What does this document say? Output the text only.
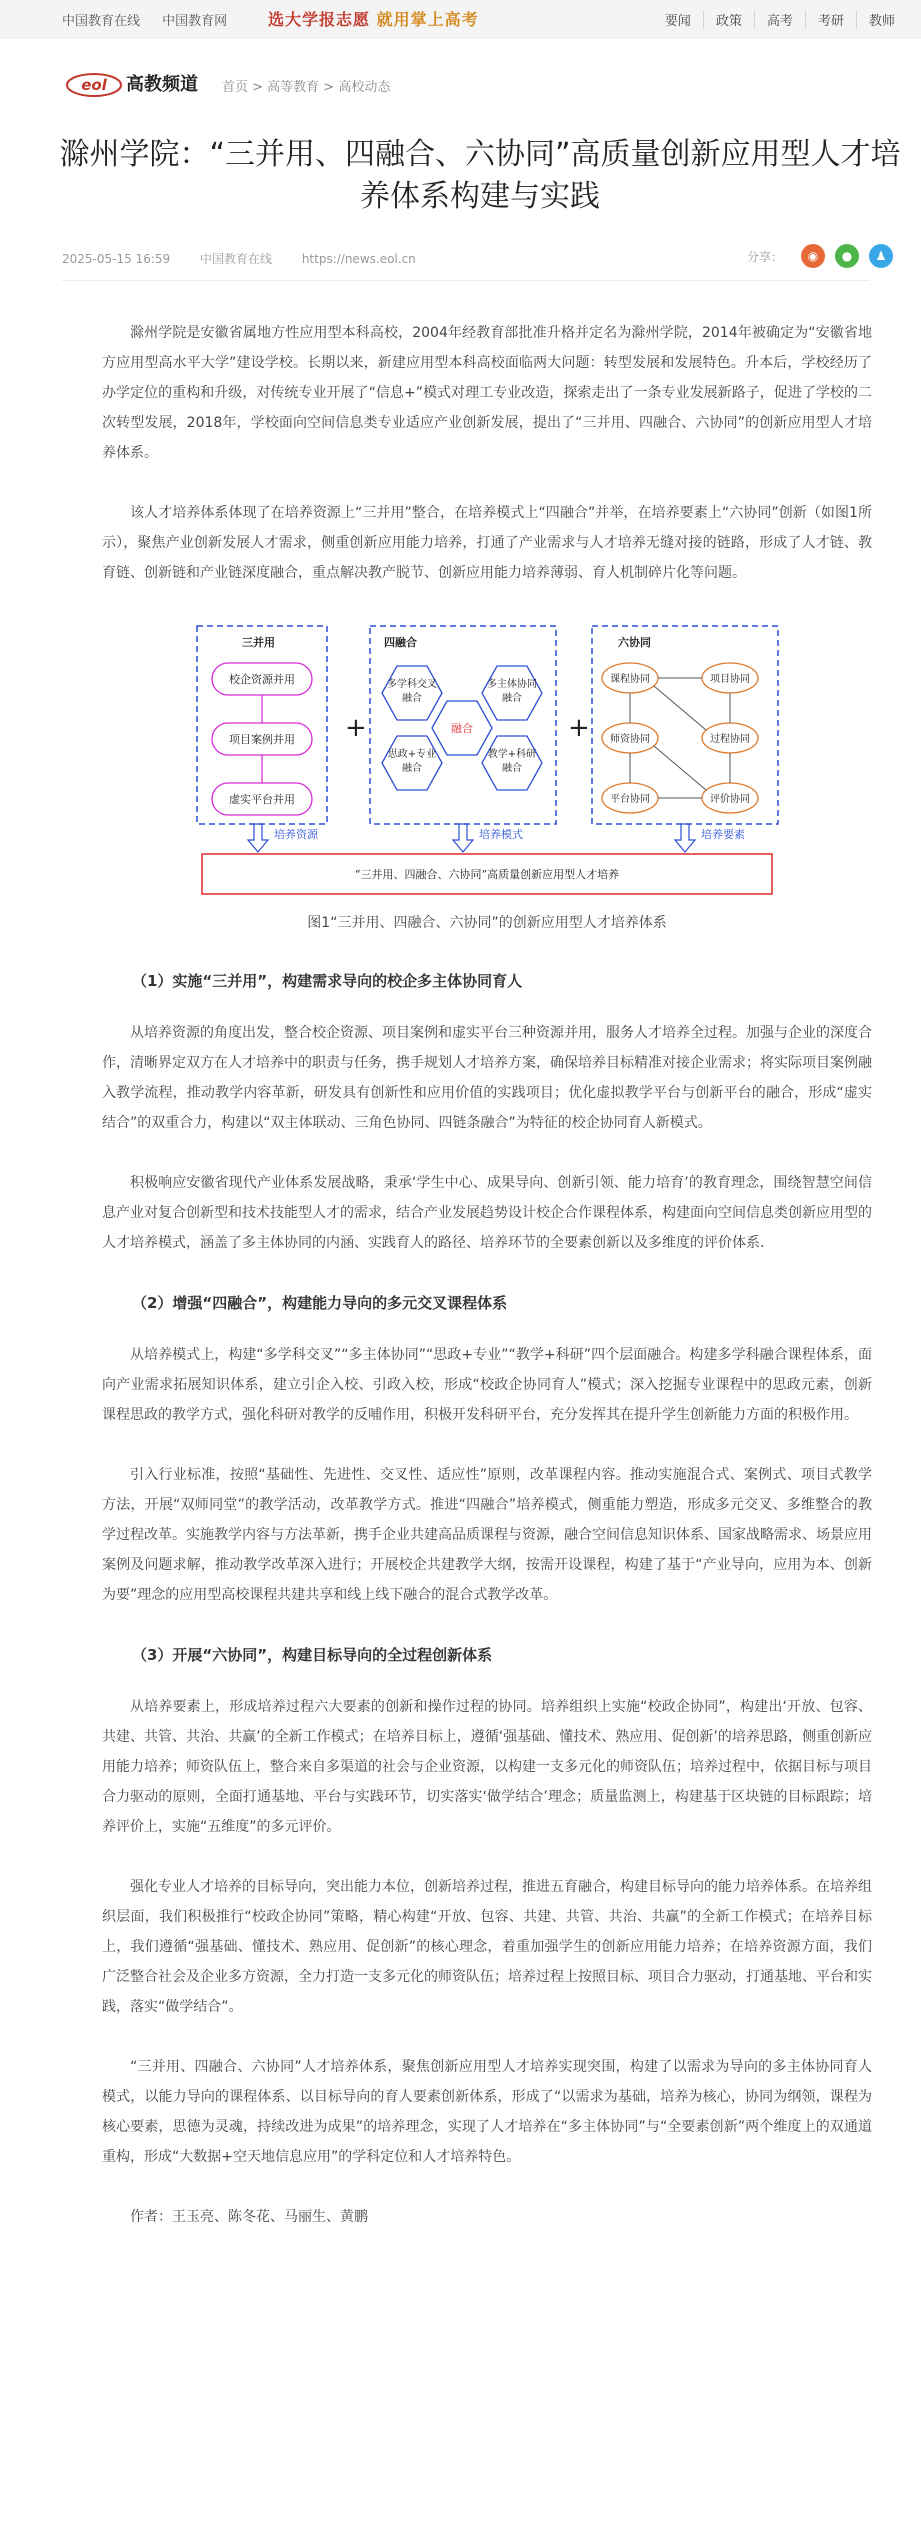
中国教育在线 中国教育网	选大学报志愿 就用掌上高考	要闻	政策	高考	考研	教师
eol 高教频道 首页 > 高等教育 > 高校动态
滁州学院：“三并用、四融合、六协同”高质量创新应用型人才培养体系构建与实践
2025-05-15 16:59 中国教育在线 https://news.eol.cn	分享：	◉	●	♟

滁州学院是安徽省属地方性应用型本科高校，2004年经教育部批准升格并定名为滁州学院，2014年被确定为“安徽省地方应用型高水平大学”建设学校。长期以来，新建应用型本科高校面临两大问题：转型发展和发展特色。升本后，学校经历了办学定位的重构和升级，对传统专业开展了“信息+”模式对理工专业改造，探索走出了一条专业发展新路子，促进了学校的二次转型发展，2018年，学校面向空间信息类专业适应产业创新发展，提出了“三并用、四融合、六协同”的创新应用型人才培养体系。

该人才培养体系体现了在培养资源上“三并用”整合，在培养模式上“四融合”并举，在培养要素上“六协同”创新（如图1所示），聚焦产业创新发展人才需求，侧重创新应用能力培养，打通了产业需求与人才培养无缝对接的链路，形成了人才链、教育链、创新链和产业链深度融合，重点解决教产脱节、创新应用能力培养薄弱、育人机制碎片化等问题。

三并用
校企资源并用
项目案例并用
虚实平台并用
+
四融合
多学科交叉融合
多主体协同融合
思政+专业融合
教学+科研融合
融合	+
六协同
课程协同	项目协同
师资协同	过程协同
平台协同	评价协同
培养资源	培养模式	培养要素
“三并用、四融合、六协同”高质量创新应用型人才培养

图1“三并用、四融合、六协同”的创新应用型人才培养体系

（1）实施“三并用”，构建需求导向的校企多主体协同育人

从培养资源的角度出发，整合校企资源、项目案例和虚实平台三种资源并用，服务人才培养全过程。加强与企业的深度合作，清晰界定双方在人才培养中的职责与任务，携手规划人才培养方案，确保培养目标精准对接企业需求；将实际项目案例融入教学流程，推动教学内容革新，研发具有创新性和应用价值的实践项目；优化虚拟教学平台与创新平台的融合，形成“虚实结合”的双重合力，构建以“双主体联动、三角色协同、四链条融合”为特征的校企协同育人新模式。

积极响应安徽省现代产业体系发展战略，秉承‘学生中心、成果导向、创新引领、能力培育’的教育理念，围绕智慧空间信息产业对复合创新型和技术技能型人才的需求，结合产业发展趋势设计校企合作课程体系，构建面向空间信息类创新应用型的人才培养模式，涵盖了多主体协同的内涵、实践育人的路径、培养环节的全要素创新以及多维度的评价体系.

（2）增强“四融合”，构建能力导向的多元交叉课程体系

从培养模式上，构建“多学科交叉”“多主体协同”“思政+专业”“教学+科研”四个层面融合。构建多学科融合课程体系，面向产业需求拓展知识体系，建立引企入校、引政入校，形成“校政企协同育人”模式；深入挖掘专业课程中的思政元素，创新课程思政的教学方式，强化科研对教学的反哺作用，积极开发科研平台，充分发挥其在提升学生创新能力方面的积极作用。

引入行业标准，按照“基础性、先进性、交叉性、适应性”原则，改革课程内容。推动实施混合式、案例式、项目式教学方法，开展“双师同堂”的教学活动，改革教学方式。推进“四融合”培养模式，侧重能力塑造，形成多元交叉、多维整合的教学过程改革。实施教学内容与方法革新，携手企业共建高品质课程与资源，融合空间信息知识体系、国家战略需求、场景应用案例及问题求解，推动教学改革深入进行；开展校企共建教学大纲，按需开设课程，构建了基于“产业导向，应用为本、创新为要”理念的应用型高校课程共建共享和线上线下融合的混合式教学改革。

（3）开展“六协同”，构建目标导向的全过程创新体系

从培养要素上，形成培养过程六大要素的创新和操作过程的协同。培养组织上实施“校政企协同”，构建出‘开放、包容、共建、共管、共治、共赢’的全新工作模式；在培养目标上，遵循‘强基础、懂技术、熟应用、促创新’的培养思路，侧重创新应用能力培养；师资队伍上，整合来自多渠道的社会与企业资源，以构建一支多元化的师资队伍；培养过程中，依据目标与项目合力驱动的原则，全面打通基地、平台与实践环节，切实落实‘做学结合’理念；质量监测上，构建基于区块链的目标跟踪；培养评价上，实施“五维度”的多元评价。

强化专业人才培养的目标导向，突出能力本位，创新培养过程，推进五育融合，构建目标导向的能力培养体系。在培养组织层面，我们积极推行“校政企协同”策略，精心构建“开放、包容、共建、共管、共治、共赢”的全新工作模式；在培养目标上，我们遵循“强基础、懂技术、熟应用、促创新”的核心理念，着重加强学生的创新应用能力培养；在培养资源方面，我们广泛整合社会及企业多方资源，全力打造一支多元化的师资队伍；培养过程上按照目标、项目合力驱动，打通基地、平台和实践，落实“做学结合”。

“三并用、四融合、六协同”人才培养体系，聚焦创新应用型人才培养实现突围，构建了以需求为导向的多主体协同育人模式，以能力导向的课程体系、以目标导向的育人要素创新体系，形成了“以需求为基础，培养为核心，协同为纲领，课程为核心要素，思德为灵魂，持续改进为成果”的培养理念，实现了人才培养在“多主体协同”与“全要素创新”两个维度上的双通道重构，形成“大数据+空天地信息应用”的学科定位和人才培养特色。

作者：王玉亮、陈冬花、马丽生、黄鹏
